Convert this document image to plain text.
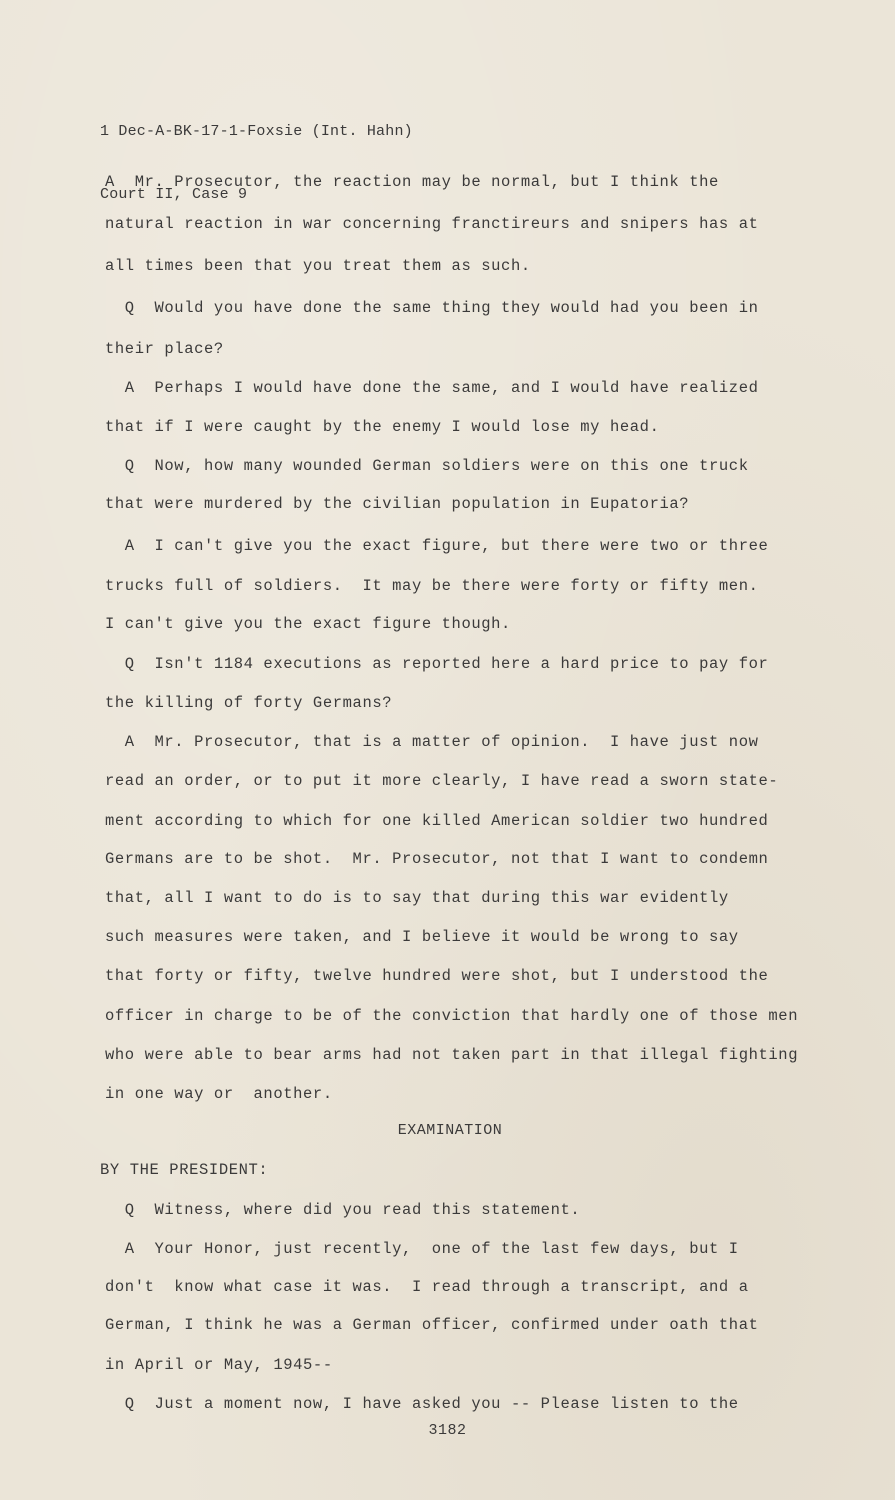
1 Dec-A-BK-17-1-Foxsie (Int. Hahn)

Court II, Case 9

A  Mr. Prosecutor, the reaction may be normal, but I think the
natural reaction in war concerning franctireurs and snipers has at
all times been that you treat them as such.
Q  Would you have done the same thing they would had you been in
their place?
A  Perhaps I would have done the same, and I would have realized
that if I were caught by the enemy I would lose my head.
Q  Now, how many wounded German soldiers were on this one truck
that were murdered by the civilian population in Eupatoria?
A  I can't give you the exact figure, but there were two or three
trucks full of soldiers.  It may be there were forty or fifty men.
I can't give you the exact figure though.
Q  Isn't 1184 executions as reported here a hard price to pay for
the killing of forty Germans?
A  Mr. Prosecutor, that is a matter of opinion.  I have just now
read an order, or to put it more clearly, I have read a sworn state-
ment according to which for one killed American soldier two hundred
Germans are to be shot.  Mr. Prosecutor, not that I want to condemn
that, all I want to do is to say that during this war evidently
such measures were taken, and I believe it would be wrong to say
that forty or fifty, twelve hundred were shot, but I understood the
officer in charge to be of the conviction that hardly one of those men
who were able to bear arms had not taken part in that illegal fighting
in one way or  another.
EXAMINATION
BY THE PRESIDENT:
Q  Witness, where did you read this statement.
A  Your Honor, just recently,  one of the last few days, but I
don't  know what case it was.  I read through a transcript, and a
German, I think he was a German officer, confirmed under oath that
in April or May, 1945--
Q  Just a moment now, I have asked you -- Please listen to the
3182
